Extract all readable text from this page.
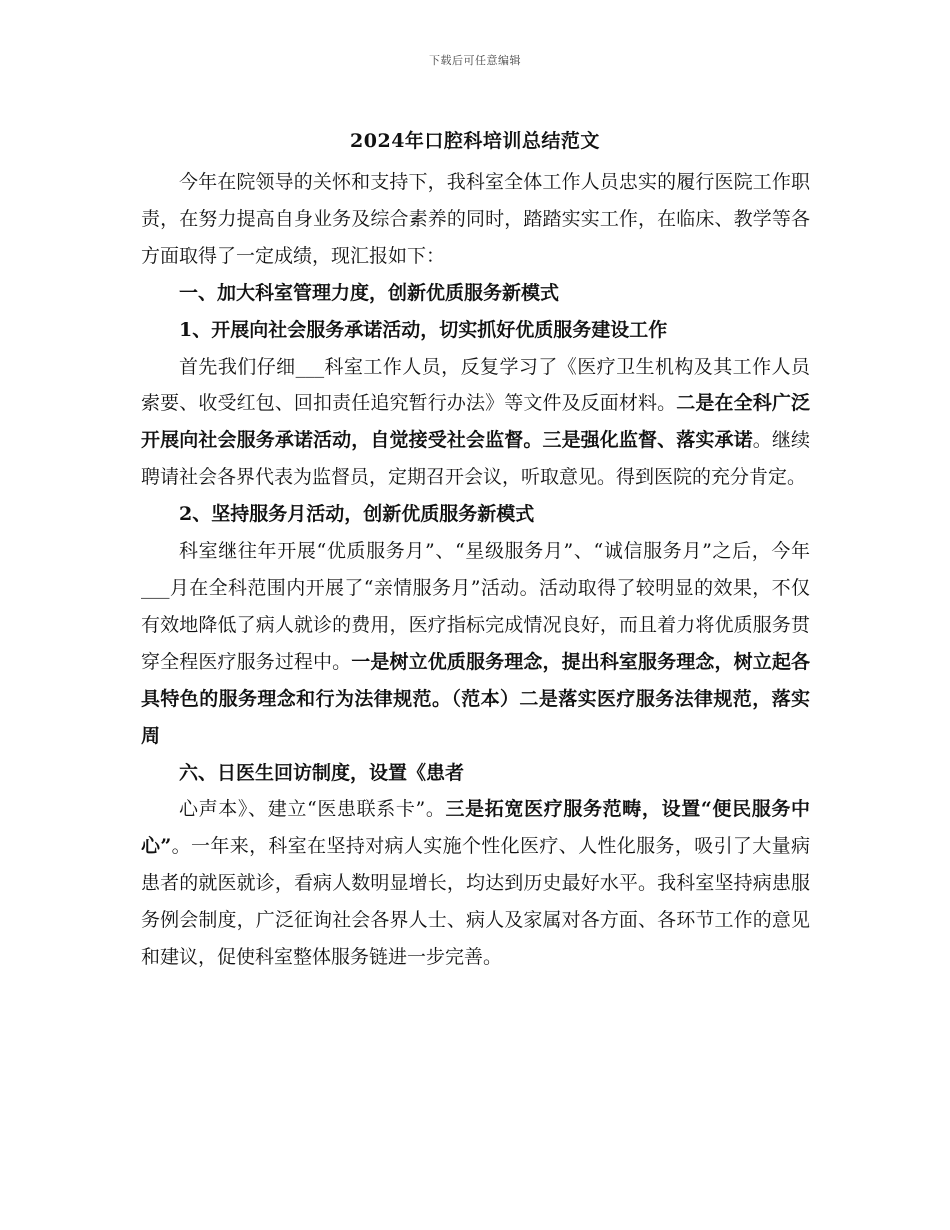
下载后可任意编辑
2024年口腔科培训总结范文

今年在院领导的关怀和支持下，我科室全体工作人员忠实的履行医院工作职责，在努力提高自身业务及综合素养的同时，踏踏实实工作，在临床、教学等各方面取得了一定成绩，现汇报如下：

一、加大科室管理力度，创新优质服务新模式

1、开展向社会服务承诺活动，切实抓好优质服务建设工作

首先我们仔细___科室工作人员，反复学习了《医疗卫生机构及其工作人员索要、收受红包、回扣责任追究暂行办法》等文件及反面材料。二是在全科广泛开展向社会服务承诺活动，自觉接受社会监督。三是强化监督、落实承诺。继续聘请社会各界代表为监督员，定期召开会议，听取意见。得到医院的充分肯定。

2、坚持服务月活动，创新优质服务新模式

科室继往年开展“优质服务月”、“星级服务月”、“诚信服务月”之后，今年___月在全科范围内开展了“亲情服务月”活动。活动取得了较明显的效果，不仅有效地降低了病人就诊的费用，医疗指标完成情况良好，而且着力将优质服务贯穿全程医疗服务过程中。一是树立优质服务理念，提出科室服务理念，树立起各具特色的服务理念和行为法律规范。（范本）二是落实医疗服务法律规范，落实周

六、日医生回访制度，设置《患者

心声本》、建立“医患联系卡”。三是拓宽医疗服务范畴，设置“便民服务中心”。一年来，科室在坚持对病人实施个性化医疗、人性化服务，吸引了大量病患者的就医就诊，看病人数明显增长，均达到历史最好水平。我科室坚持病患服务例会制度，广泛征询社会各界人士、病人及家属对各方面、各环节工作的意见和建议，促使科室整体服务链进一步完善。
